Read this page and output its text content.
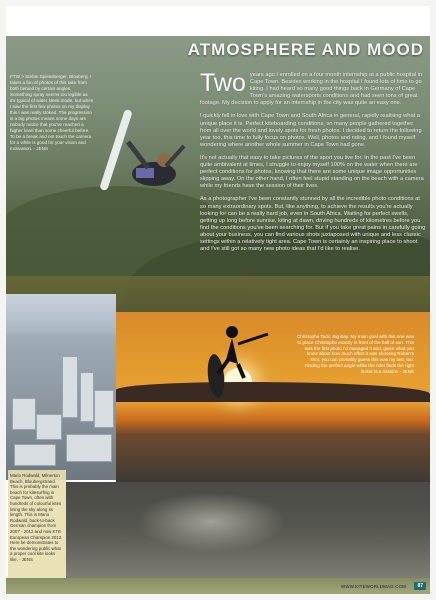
ATMOSPHERE AND MOOD

FTW > Stefan Spiessberger, Blouberg. I taken a fun of photos of this take from both behind by certain angles. Something spray seems too legible as it's typical of water sleek mode, but when I saw the first few photos on my display this I was really stoked. The progression is a big photos means some days are nobody notice that you've reached a higher level than some cheerful before. To be a break and not touch the camera for a while is good for your vision and motivation. - JENS

Two years ago I enrolled on a four month internship at a public hospital in Cape Town. Besides working in the hospital I found lots of time to go kiting. I had heard so many good things back in Germany of Cape Town's amazing watersports conditions and had seen tons of great footage. My decision to apply for an internship in the city was quite an easy one.

I quickly fell in love with Cape Town and South Africa in general, rapidly realising what a unique place it is. Perfect kiteboarding conditions, so many people gathered together from all over the world and lovely spots for fresh photos. I decided to return the following year too, this time to fully focus on photos. Well, photos and riding, and I found myself wondering where another whole summer in Cape Town had gone.

It's not actually that easy to take pictures of the sport you live for. In the past I've been quite ambivalent at times, I struggle to enjoy myself 100% on the water when there are perfect conditions for photos, knowing that there are some unique image opportunities slipping away. On the other hand, I often feel stupid standing on the beach with a camera while my friends have the session of their lives.

As a photographer I've been constantly stunned by all the incredible photo conditions at so many extraordinary spots. But, like anything, to achieve the results you're actually looking for can be a really hard job, even in South Africa. Waiting for perfect swells, getting up long before sunrise, kiting at dawn, driving hundreds of kilometres before you find the conditions you've been searching for. But if you take great pains in carefully going about your business, you can find various shots juxtaposed with unique and less classic settings within a relatively tight area. Cape Town is certainly an inspiring place to shoot and I've still got so many new photo ideas that I'd like to realise.

Mario Rodwald, Milnerton Beach, Bloubergstrand. This is probably the main beach for kitesurfing in Cape Town, often with hundreds of colourful kites lining the sky along its length. This is Mario Rodwald, back-to-back German champion from 2007 - 2012 and now KTE European Champion 2012. Here he demonstrates to the wondering public what a proper cool kite looks like. - JENS

Christophe Tack, Big Bay. My main goal with this one was to place Christophe exactly in front of the ball of sun. This was the first photo I'd managed it and, given what you know about how much effort it was shooting Ruben's shot, you can probably guess this was my last, too. Finding the perfect angle while the rider finds the right kicker is a mission - JENS

WWW.KITEWORLDMAG.COM	87
